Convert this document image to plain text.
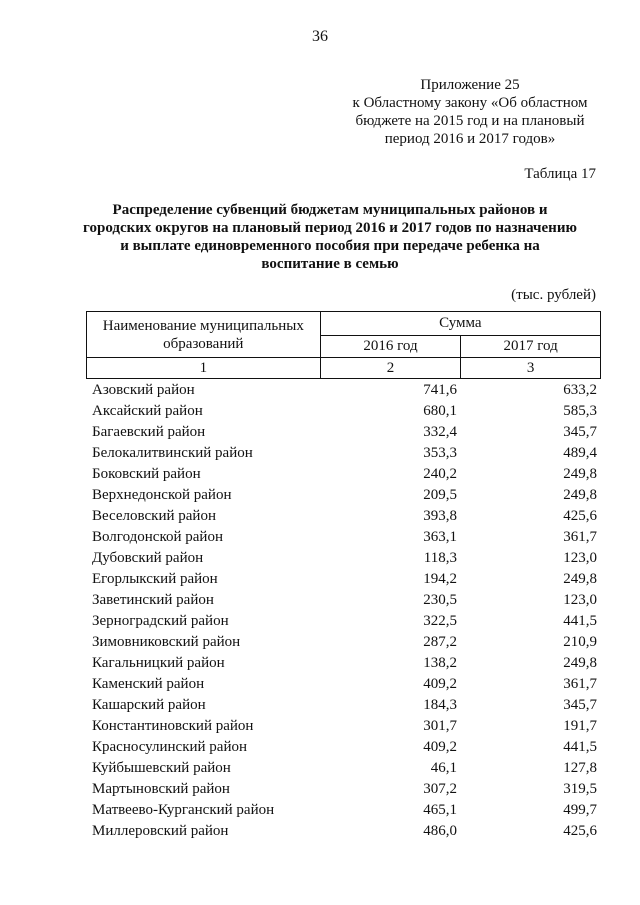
36
Приложение 25
к Областному закону «Об областном
бюджете на 2015 год и на плановый
период 2016 и 2017 годов»
Таблица 17
Распределение субвенций бюджетам муниципальных районов и
городских округов на плановый период 2016 и 2017 годов по назначению
и выплате единовременного пособия при передаче ребенка на
воспитание в семью
(тыс. рублей)
Наименование муниципальных образований	Сумма	
	2016 год	2017 год
1	2	3
Азовский район	741,6	633,2
Аксайский район	680,1	585,3
Багаевский район	332,4	345,7
Белокалитвинский район	353,3	489,4
Боковский район	240,2	249,8
Верхнедонской район	209,5	249,8
Веселовский район	393,8	425,6
Волгодонской район	363,1	361,7
Дубовский район	118,3	123,0
Егорлыкский район	194,2	249,8
Заветинский район	230,5	123,0
Зерноградский район	322,5	441,5
Зимовниковский район	287,2	210,9
Кагальницкий район	138,2	249,8
Каменский район	409,2	361,7
Кашарский район	184,3	345,7
Константиновский район	301,7	191,7
Красносулинский район	409,2	441,5
Куйбышевский район	46,1	127,8
Мартыновский район	307,2	319,5
Матвеево-Курганский район	465,1	499,7
Миллеровский район	486,0	425,6
